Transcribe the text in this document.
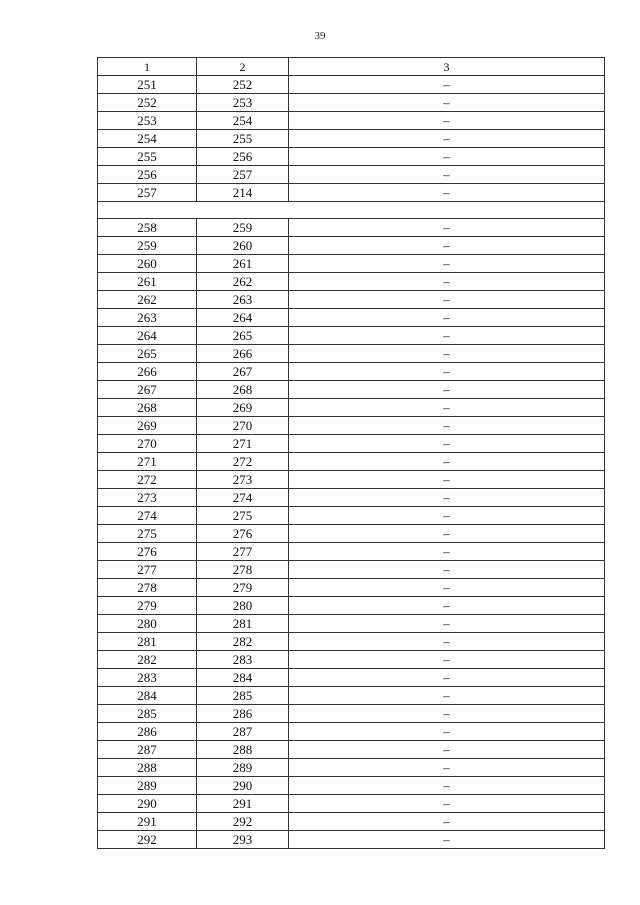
39
1	2	3
251	252	–
252	253	–
253	254	–
254	255	–
255	256	–
256	257	–
257	214	–

258	259	–
259	260	–
260	261	–
261	262	–
262	263	–
263	264	–
264	265	–
265	266	–
266	267	–
267	268	–
268	269	–
269	270	–
270	271	–
271	272	–
272	273	–
273	274	–
274	275	–
275	276	–
276	277	–
277	278	–
278	279	–
279	280	–
280	281	–
281	282	–
282	283	–
283	284	–
284	285	–
285	286	–
286	287	–
287	288	–
288	289	–
289	290	–
290	291	–
291	292	–
292	293	–
